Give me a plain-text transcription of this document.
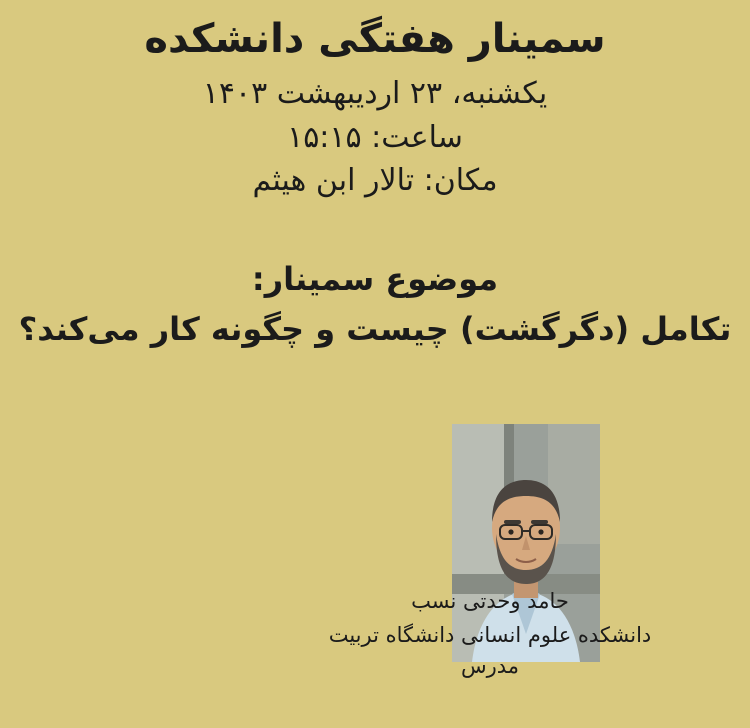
سمینار هفتگی دانشکده
یکشنبه، ۲۳ اردیبهشت ۱۴۰۳
ساعت: ۱۵:۱۵
مکان: تالار ابن هیثم
موضوع سمینار:
تکامل (دگرگشت) چیست و چگونه کار می‌کند؟
حامد وحدتی نسب
دانشکده علوم انسانی دانشگاه تربیت مدرس
